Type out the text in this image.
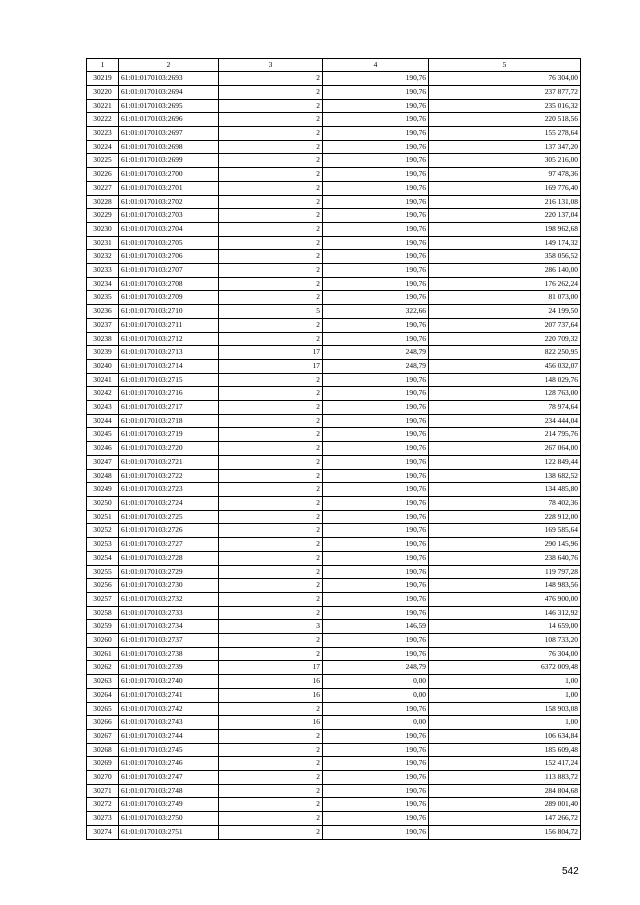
1	2	3	4	5
30219	61:01:0170103:2693	2	190,76	76 304,00
30220	61:01:0170103:2694	2	190,76	237 877,72
30221	61:01:0170103:2695	2	190,76	235 016,32
30222	61:01:0170103:2696	2	190,76	220 518,56
30223	61:01:0170103:2697	2	190,76	155 278,64
30224	61:01:0170103:2698	2	190,76	137 347,20
30225	61:01:0170103:2699	2	190,76	305 216,00
30226	61:01:0170103:2700	2	190,76	97 478,36
30227	61:01:0170103:2701	2	190,76	169 776,40
30228	61:01:0170103:2702	2	190,76	216 131,08
30229	61:01:0170103:2703	2	190,76	220 137,04
30230	61:01:0170103:2704	2	190,76	198 962,68
30231	61:01:0170103:2705	2	190,76	149 174,32
30232	61:01:0170103:2706	2	190,76	358 056,52
30233	61:01:0170103:2707	2	190,76	286 140,00
30234	61:01:0170103:2708	2	190,76	176 262,24
30235	61:01:0170103:2709	2	190,76	81 073,00
30236	61:01:0170103:2710	5	322,66	24 199,50
30237	61:01:0170103:2711	2	190,76	207 737,64
30238	61:01:0170103:2712	2	190,76	220 709,32
30239	61:01:0170103:2713	17	248,79	822 250,95
30240	61:01:0170103:2714	17	248,79	456 032,07
30241	61:01:0170103:2715	2	190,76	148 029,76
30242	61:01:0170103:2716	2	190,76	128 763,00
30243	61:01:0170103:2717	2	190,76	78 974,64
30244	61:01:0170103:2718	2	190,76	234 444,04
30245	61:01:0170103:2719	2	190,76	214 795,76
30246	61:01:0170103:2720	2	190,76	267 064,00
30247	61:01:0170103:2721	2	190,76	122 849,44
30248	61:01:0170103:2722	2	190,76	138 682,52
30249	61:01:0170103:2723	2	190,76	134 485,80
30250	61:01:0170103:2724	2	190,76	78 402,36
30251	61:01:0170103:2725	2	190,76	228 912,00
30252	61:01:0170103:2726	2	190,76	169 585,64
30253	61:01:0170103:2727	2	190,76	290 145,96
30254	61:01:0170103:2728	2	190,76	238 640,76
30255	61:01:0170103:2729	2	190,76	119 797,28
30256	61:01:0170103:2730	2	190,76	148 983,56
30257	61:01:0170103:2732	2	190,76	476 900,00
30258	61:01:0170103:2733	2	190,76	146 312,92
30259	61:01:0170103:2734	3	146,59	14 659,00
30260	61:01:0170103:2737	2	190,76	108 733,20
30261	61:01:0170103:2738	2	190,76	76 304,00
30262	61:01:0170103:2739	17	248,79	6372 009,48
30263	61:01:0170103:2740	16	0,00	1,00
30264	61:01:0170103:2741	16	0,00	1,00
30265	61:01:0170103:2742	2	190,76	158 903,08
30266	61:01:0170103:2743	16	0,00	1,00
30267	61:01:0170103:2744	2	190,76	106 634,84
30268	61:01:0170103:2745	2	190,76	185 609,48
30269	61:01:0170103:2746	2	190,76	152 417,24
30270	61:01:0170103:2747	2	190,76	113 883,72
30271	61:01:0170103:2748	2	190,76	284 804,68
30272	61:01:0170103:2749	2	190,76	289 001,40
30273	61:01:0170103:2750	2	190,76	147 266,72
30274	61:01:0170103:2751	2	190,76	156 804,72
542
